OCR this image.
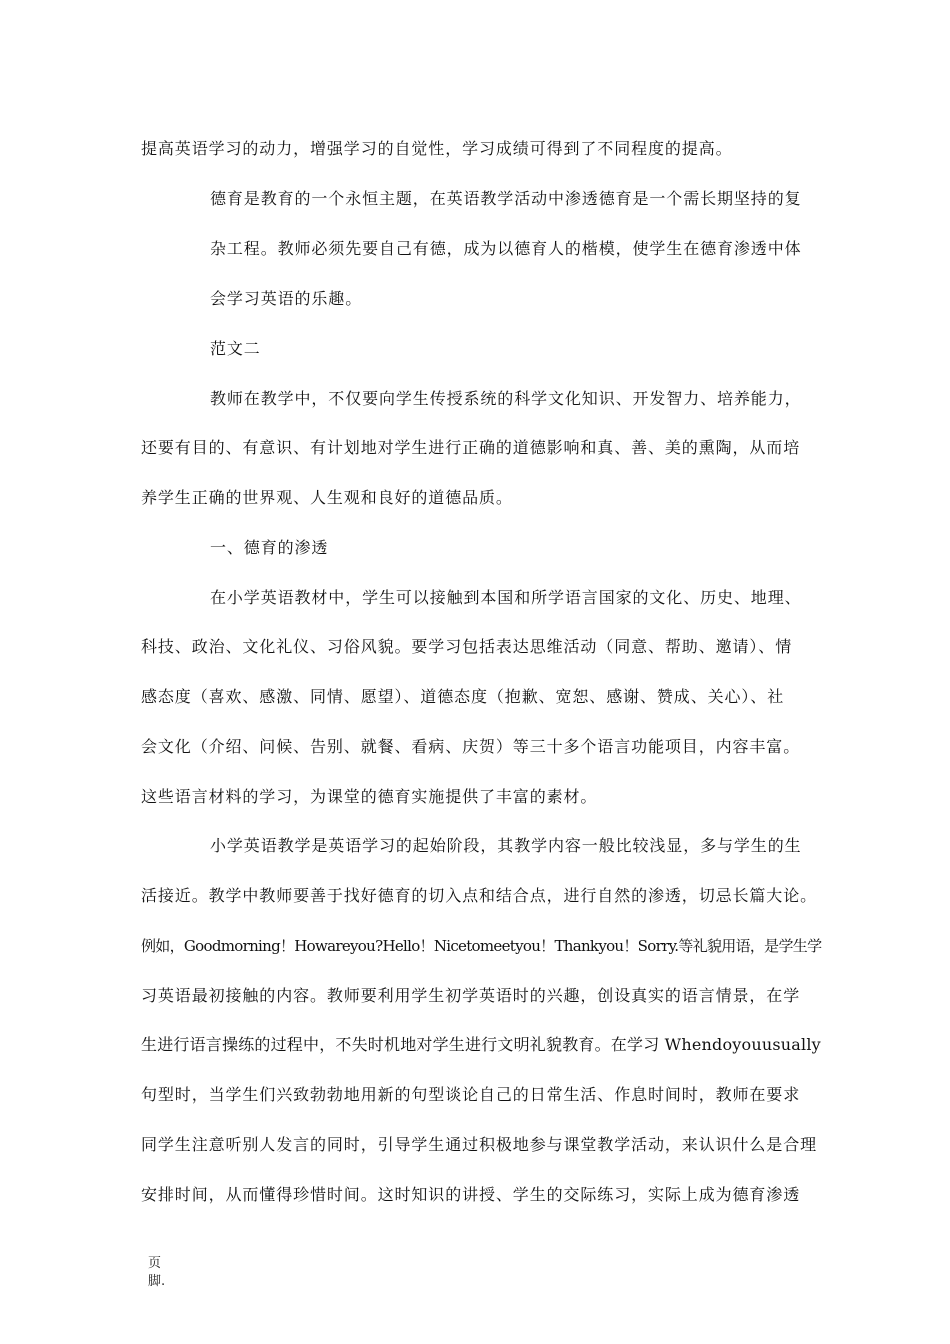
提高英语学习的动力，增强学习的自觉性，学习成绩可得到了不同程度的提高。
德育是教育的一个永恒主题，在英语教学活动中渗透德育是一个需长期坚持的复
杂工程。教师必须先要自己有德，成为以德育人的楷模，使学生在德育渗透中体
会学习英语的乐趣。
范文二
教师在教学中，不仅要向学生传授系统的科学文化知识、开发智力、培养能力，
还要有目的、有意识、有计划地对学生进行正确的道德影响和真、善、美的熏陶，从而培
养学生正确的世界观、人生观和良好的道德品质。
一、德育的渗透
在小学英语教材中，学生可以接触到本国和所学语言国家的文化、历史、地理、
科技、政治、文化礼仪、习俗风貌。要学习包括表达思维活动（同意、帮助、邀请）、情
感态度（喜欢、感激、同情、愿望）、道德态度（抱歉、宽恕、感谢、赞成、关心）、社
会文化（介绍、问候、告别、就餐、看病、庆贺）等三十多个语言功能项目，内容丰富。
这些语言材料的学习，为课堂的德育实施提供了丰富的素材。
小学英语教学是英语学习的起始阶段，其教学内容一般比较浅显，多与学生的生
活接近。教学中教师要善于找好德育的切入点和结合点，进行自然的渗透，切忌长篇大论。
例如，Goodmorning！Howareyou?Hello！Nicetomeetyou！Thankyou！Sorry.等礼貌用语，是学生学
习英语最初接触的内容。教师要利用学生初学英语时的兴趣，创设真实的语言情景，在学
生进行语言操练的过程中，不失时机地对学生进行文明礼貌教育。在学习 Whendoyouusually
句型时，当学生们兴致勃勃地用新的句型谈论自己的日常生活、作息时间时，教师在要求
同学生注意听别人发言的同时，引导学生通过积极地参与课堂教学活动，来认识什么是合理
安排时间，从而懂得珍惜时间。这时知识的讲授、学生的交际练习，实际上成为德育渗透
页
脚.
